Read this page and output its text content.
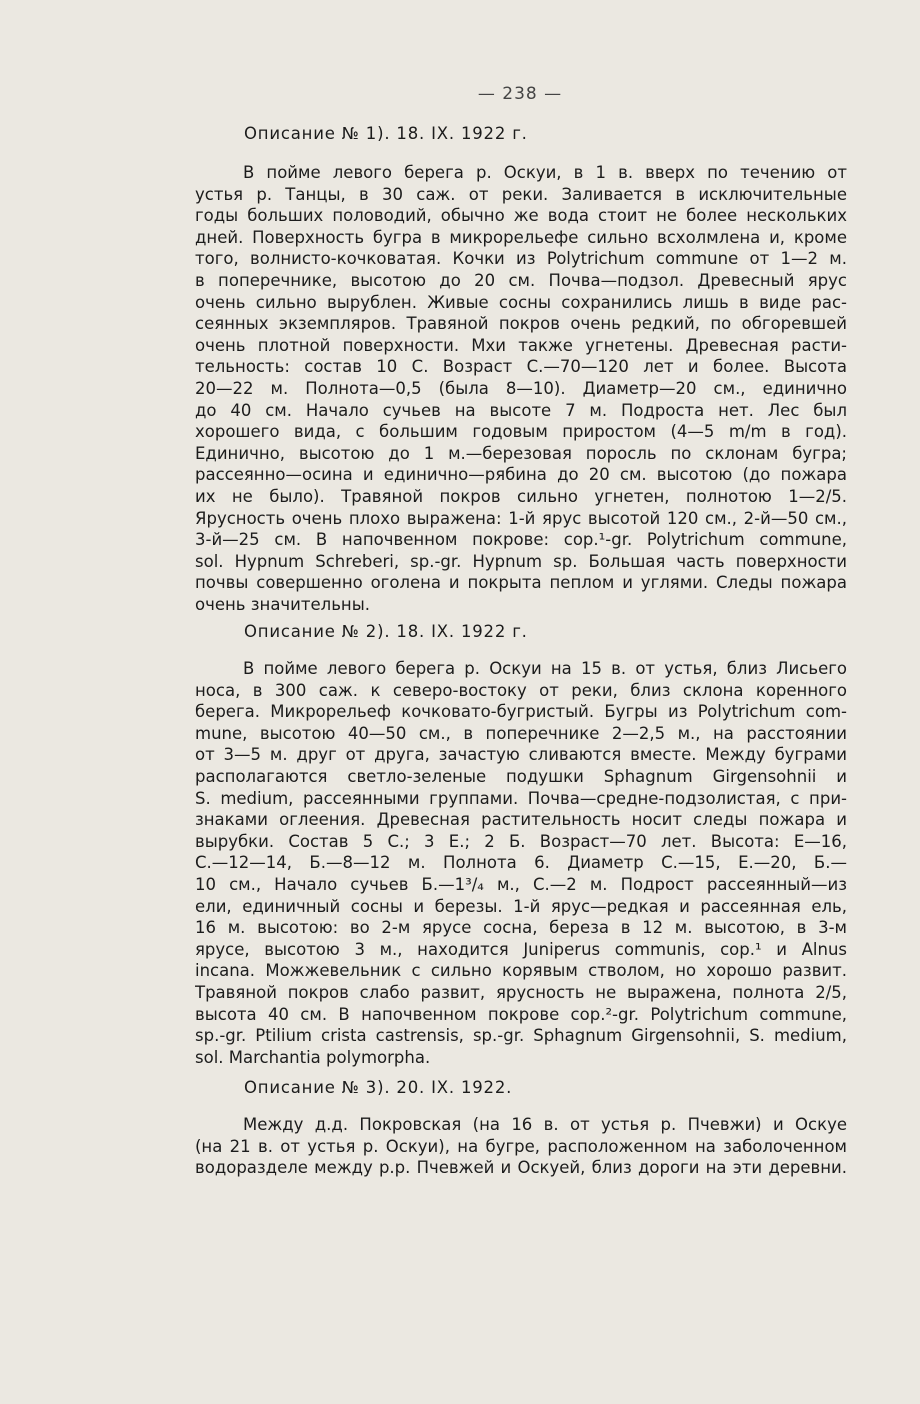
— 238 —
Описание № 1). 18. IX. 1922 г.
В пойме левого берега р. Оскуи, в 1 в. вверх по течению от
устья р. Танцы, в 30 саж. от реки. Заливается в исключительные
годы больших половодий, обычно же вода стоит не более нескольких
дней. Поверхность бугра в микрорельефе сильно всхолмлена и, кроме
того, волнисто-кочковатая. Кочки из Polytrichum commune от 1—2 м.
в поперечнике, высотою до 20 см. Почва—подзол. Древесный ярус
очень сильно вырублен. Живые сосны сохранились лишь в виде рас-
сеянных экземпляров. Травяной покров очень редкий, по обгоревшей
очень плотной поверхности. Мхи также угнетены. Древесная расти-
тельность: состав 10 С. Возраст С.—70—120 лет и более. Высота
20—22 м. Полнота—0,5 (была 8—10). Диаметр—20 см., единично
до 40 см. Начало сучьев на высоте 7 м. Подроста нет. Лес был
хорошего вида, с большим годовым приростом (4—5 m/m в год).
Единично, высотою до 1 м.—березовая поросль по склонам бугра;
рассеянно—осина и единично—рябина до 20 см. высотою (до пожара
их не было). Травяной покров сильно угнетен, полнотою 1—2/5.
Ярусность очень плохо выражена: 1-й ярус высотой 120 см., 2-й—50 см.,
3-й—25 см. В напочвенном покрове: cop.¹-gr. Polytrichum commune,
sol. Hypnum Schreberi, sp.-gr. Hypnum sp. Большая часть поверхности
почвы совершенно оголена и покрыта пеплом и углями. Следы пожара
очень значительны.
Описание № 2). 18. IX. 1922 г.
В пойме левого берега р. Оскуи на 15 в. от устья, близ Лисьего
носа, в 300 саж. к северо-востоку от реки, близ склона коренного
берега. Микрорельеф кочковато-бугристый. Бугры из Polytrichum com-
mune, высотою 40—50 см., в поперечнике 2—2,5 м., на расстоянии
от 3—5 м. друг от друга, зачастую сливаются вместе. Между буграми
располагаются светло-зеленые подушки Sphagnum Girgensohnii и
S. medium, рассеянными группами. Почва—средне-подзолистая, с при-
знаками оглеения. Древесная растительность носит следы пожара и
вырубки. Состав 5 С.; 3 Е.; 2 Б. Возраст—70 лет. Высота: Е—16,
С.—12—14, Б.—8—12 м. Полнота 6. Диаметр С.—15, Е.—20, Б.—
10 см., Начало сучьев Б.—1³/₄ м., С.—2 м. Подрост рассеянный—из
ели, единичный сосны и березы. 1-й ярус—редкая и рассеянная ель,
16 м. высотою: во 2-м ярусе сосна, береза в 12 м. высотою, в 3-м
ярусе, высотою 3 м., находится Juniperus communis, cop.¹ и Alnus
incana. Можжевельник с сильно корявым стволом, но хорошо развит.
Травяной покров слабо развит, ярусность не выражена, полнота 2/5,
высота 40 см. В напочвенном покрове cop.²-gr. Polytrichum commune,
sp.-gr. Ptilium crista castrensis, sp.-gr. Sphagnum Girgensohnii, S. medium,
sol. Marchantia polymorpha.
Описание № 3). 20. IX. 1922.
Между д.д. Покровская (на 16 в. от устья р. Пчевжи) и Оскуе
(на 21 в. от устья р. Оскуи), на бугре, расположенном на заболоченном
водоразделе между р.р. Пчевжей и Оскуей, близ дороги на эти деревни.
